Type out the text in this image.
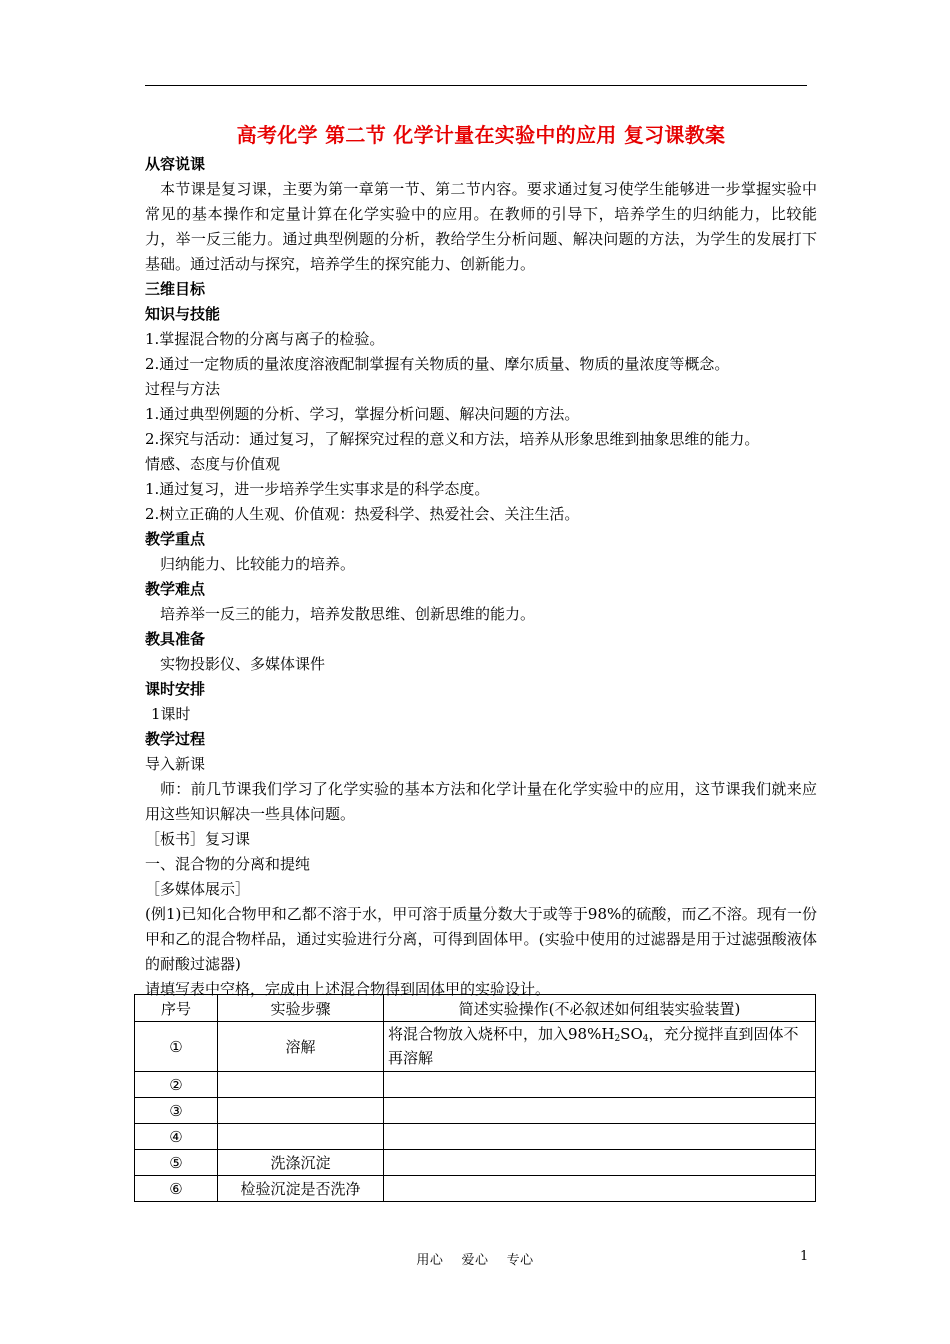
高考化学 第二节 化学计量在实验中的应用 复习课教案
从容说课
本节课是复习课，主要为第一章第一节、第二节内容。要求通过复习使学生能够进一步掌握实验中常见的基本操作和定量计算在化学实验中的应用。在教师的引导下，培养学生的归纳能力，比较能力，举一反三能力。通过典型例题的分析，教给学生分析问题、解决问题的方法，为学生的发展打下基础。通过活动与探究，培养学生的探究能力、创新能力。
三维目标
知识与技能
1.掌握混合物的分离与离子的检验。
2.通过一定物质的量浓度溶液配制掌握有关物质的量、摩尔质量、物质的量浓度等概念。
过程与方法
1.通过典型例题的分析、学习，掌握分析问题、解决问题的方法。
2.探究与活动：通过复习，了解探究过程的意义和方法，培养从形象思维到抽象思维的能力。
情感、态度与价值观
1.通过复习，进一步培养学生实事求是的科学态度。
2.树立正确的人生观、价值观：热爱科学、热爱社会、关注生活。
教学重点
归纳能力、比较能力的培养。
教学难点
培养举一反三的能力，培养发散思维、创新思维的能力。
教具准备
实物投影仪、多媒体课件
课时安排
1课时
教学过程
导入新课
师：前几节课我们学习了化学实验的基本方法和化学计量在化学实验中的应用，这节课我们就来应用这些知识解决一些具体问题。
［板书］复习课
一、混合物的分离和提纯
［多媒体展示］
(例1)已知化合物甲和乙都不溶于水，甲可溶于质量分数大于或等于98%的硫酸，而乙不溶。现有一份甲和乙的混合物样品，通过实验进行分离，可得到固体甲。(实验中使用的过滤器是用于过滤强酸液体的耐酸过滤器)
请填写表中空格，完成由上述混合物得到固体甲的实验设计。
序号	实验步骤	简述实验操作(不必叙述如何组装实验装置)
①	溶解	将混合物放入烧杯中，加入$98\%H_2SO_4$，充分搅拌直到固体不再溶解
②		
③		
④		
⑤	洗涤沉淀	
⑥	检验沉淀是否洗净	
用心　 爱心　 专心	1
